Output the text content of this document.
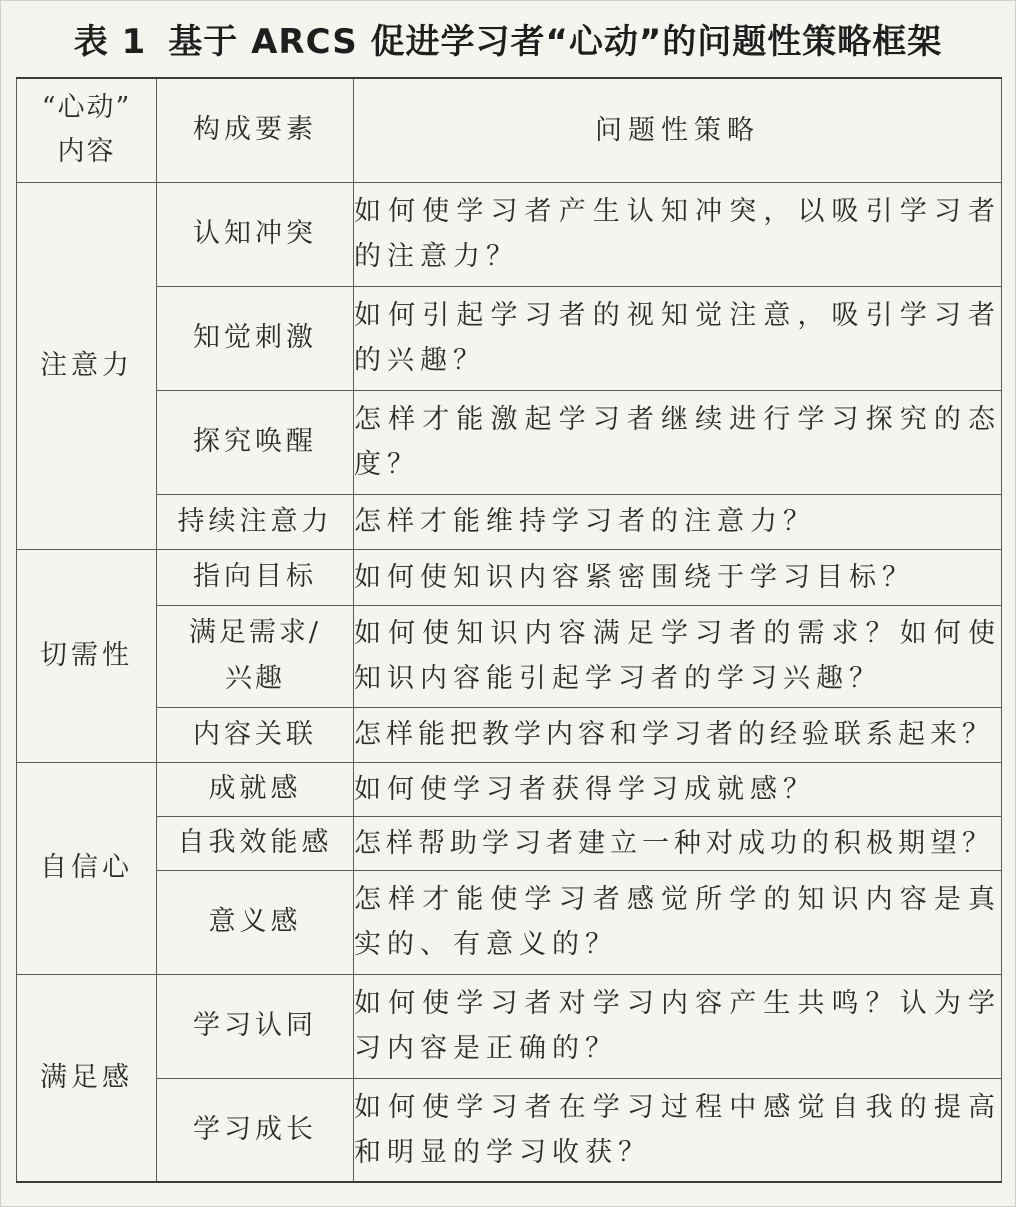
表 1 基于 ARCS 促进学习者“心动”的问题性策略框架
“心动”
内容	构成要素	问题性策略
注意力	认知冲突	如何使学习者产生认知冲突，以吸引学习者的注意力？
	知觉刺激	如何引起学习者的视知觉注意，吸引学习者的兴趣？
	探究唤醒	怎样才能激起学习者继续进行学习探究的态度？
	持续注意力	怎样才能维持学习者的注意力？
切需性	指向目标	如何使知识内容紧密围绕于学习目标？
	满足需求/兴趣	如何使知识内容满足学习者的需求？如何使知识内容能引起学习者的学习兴趣？
	内容关联	怎样能把教学内容和学习者的经验联系起来？
自信心	成就感	如何使学习者获得学习成就感？
	自我效能感	怎样帮助学习者建立一种对成功的积极期望？
	意义感	怎样才能使学习者感觉所学的知识内容是真实的、有意义的？
满足感	学习认同	如何使学习者对学习内容产生共鸣？认为学习内容是正确的？
	学习成长	如何使学习者在学习过程中感觉自我的提高和明显的学习收获？
